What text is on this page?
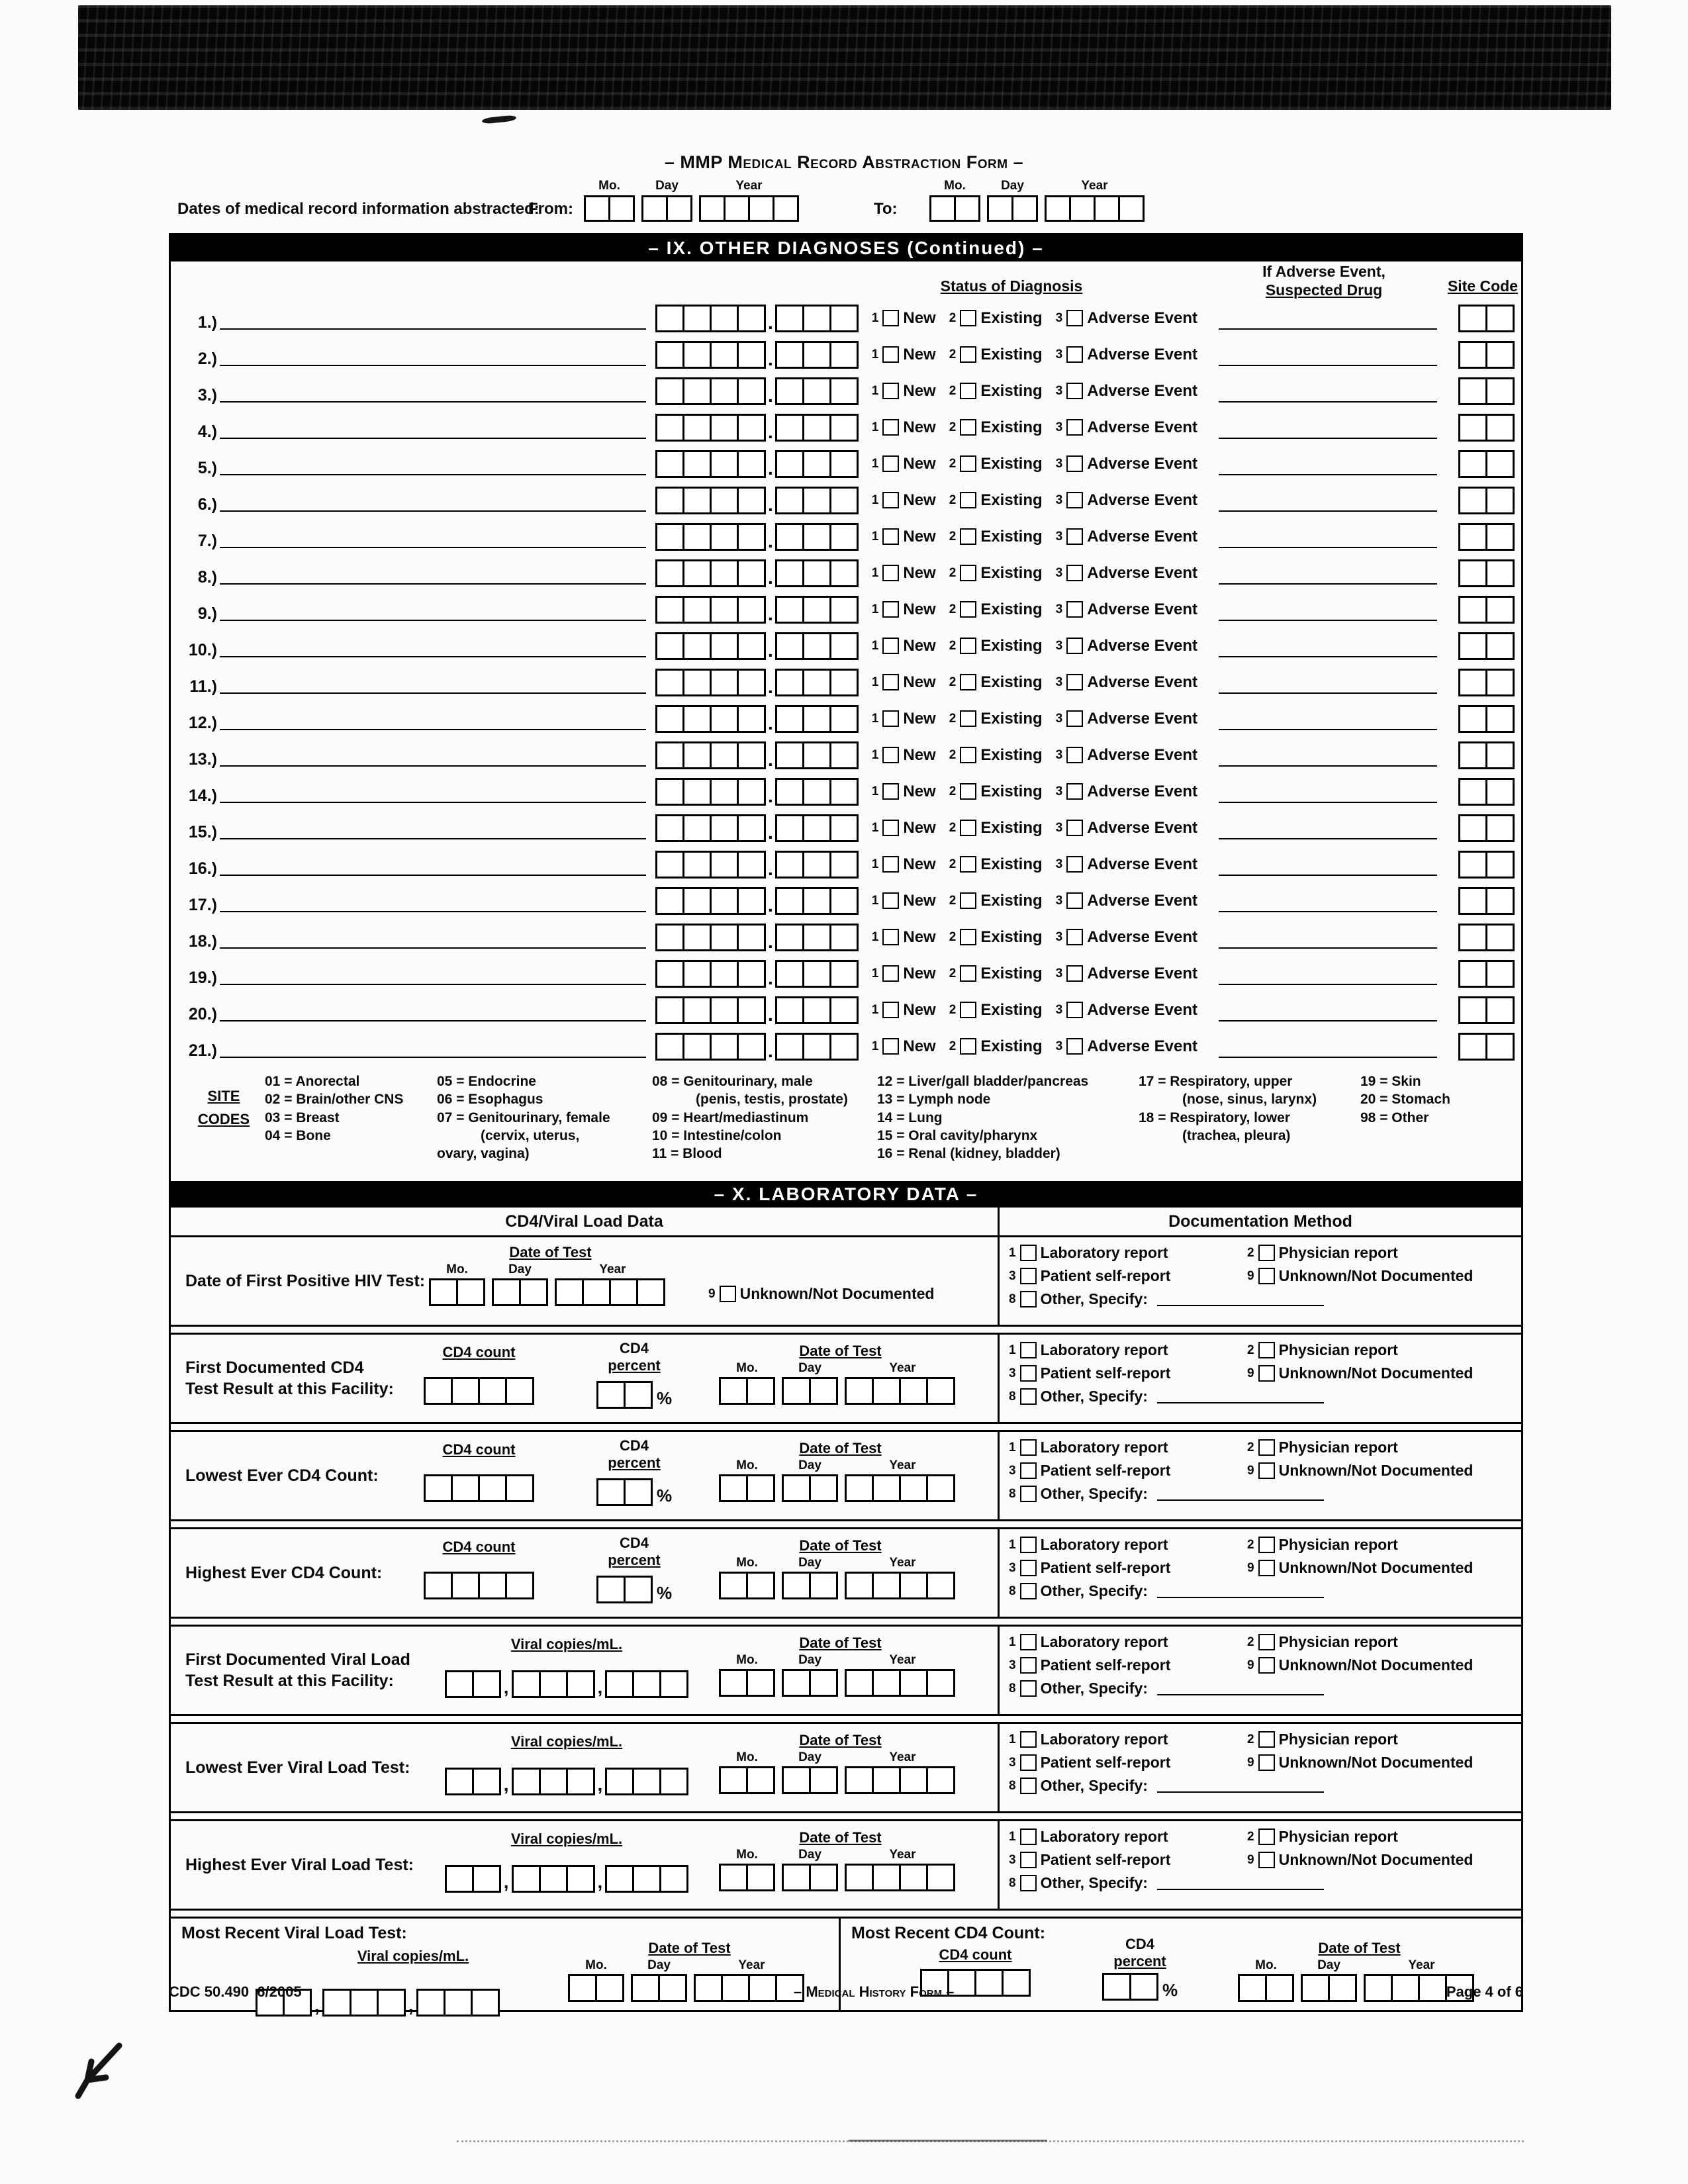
– MMP Medical Record Abstraction Form –
Dates of medical record information abstracted:
From:
Mo.	Day	Year
To:
Mo.	Day	Year
– IX. OTHER DIAGNOSES (Continued) –
Status of Diagnosis
If Adverse Event,
Suspected Drug	Site Code
1.)	.	1 New 2 Existing 3 Adverse Event
2.)	.	1 New 2 Existing 3 Adverse Event
3.)	.	1 New 2 Existing 3 Adverse Event
4.)	.	1 New 2 Existing 3 Adverse Event
5.)	.	1 New 2 Existing 3 Adverse Event
6.)	.	1 New 2 Existing 3 Adverse Event
7.)	.	1 New 2 Existing 3 Adverse Event
8.)	.	1 New 2 Existing 3 Adverse Event
9.)	.	1 New 2 Existing 3 Adverse Event
10.)	.	1 New 2 Existing 3 Adverse Event
11.)	.	1 New 2 Existing 3 Adverse Event
12.)	.	1 New 2 Existing 3 Adverse Event
13.)	.	1 New 2 Existing 3 Adverse Event
14.)	.	1 New 2 Existing 3 Adverse Event
15.)	.	1 New 2 Existing 3 Adverse Event
16.)	.	1 New 2 Existing 3 Adverse Event
17.)	.	1 New 2 Existing 3 Adverse Event
18.)	.	1 New 2 Existing 3 Adverse Event
19.)	.	1 New 2 Existing 3 Adverse Event
20.)	.	1 New 2 Existing 3 Adverse Event
21.)	.	1 New 2 Existing 3 Adverse Event
SITE
CODES
01 = Anorectal
02 = Brain/other CNS
03 = Breast
04 = Bone
05 = Endocrine
06 = Esophagus
07 = Genitourinary, female
(cervix, uterus,
ovary, vagina)
08 = Genitourinary, male
(penis, testis, prostate)
09 = Heart/mediastinum
10 = Intestine/colon
11 = Blood
12 = Liver/gall bladder/pancreas
13 = Lymph node
14 = Lung
15 = Oral cavity/pharynx
16 = Renal (kidney, bladder)
17 = Respiratory, upper
(nose, sinus, larynx)
18 = Respiratory, lower
(trachea, pleura)
19 = Skin
20 = Stomach
98 = Other
– X. LABORATORY DATA –
CD4/Viral Load Data	Documentation Method
Date of First Positive HIV Test:
Date of Test
Mo.	Day	Year
9 Unknown/Not Documented
1 Laboratory report	2 Physician report
3 Patient self-report	9 Unknown/Not Documented
8 Other, Specify:
First Documented CD4
Test Result at this Facility:
CD4 count	CD4
percent
%
Date of Test
Mo.	Day	Year
1 Laboratory report	2 Physician report
3 Patient self-report	9 Unknown/Not Documented
8 Other, Specify:
Lowest Ever CD4 Count:
CD4 count	CD4
percent
%
Date of Test
Mo.	Day	Year
1 Laboratory report	2 Physician report
3 Patient self-report	9 Unknown/Not Documented
8 Other, Specify:
Highest Ever CD4 Count:
CD4 count	CD4
percent
%
Date of Test
Mo.	Day	Year
1 Laboratory report	2 Physician report
3 Patient self-report	9 Unknown/Not Documented
8 Other, Specify:
First Documented Viral Load
Test Result at this Facility:
Viral copies/mL.
,	,
Date of Test
Mo.	Day	Year
1 Laboratory report	2 Physician report
3 Patient self-report	9 Unknown/Not Documented
8 Other, Specify:
Lowest Ever Viral Load Test:
Viral copies/mL.
,	,
Date of Test
Mo.	Day	Year
1 Laboratory report	2 Physician report
3 Patient self-report	9 Unknown/Not Documented
8 Other, Specify:
Highest Ever Viral Load Test:
Viral copies/mL.
,	,
Date of Test
Mo.	Day	Year
1 Laboratory report	2 Physician report
3 Patient self-report	9 Unknown/Not Documented
8 Other, Specify:
Most Recent Viral Load Test:
Viral copies/mL.
,	,
Date of Test
Mo.	Day	Year
Most Recent CD4 Count:
CD4 count
CD4
percent
%
Date of Test
Mo.	Day	Year
CDC 50.490  6/2005	– Medical History Form –	Page 4 of 6
